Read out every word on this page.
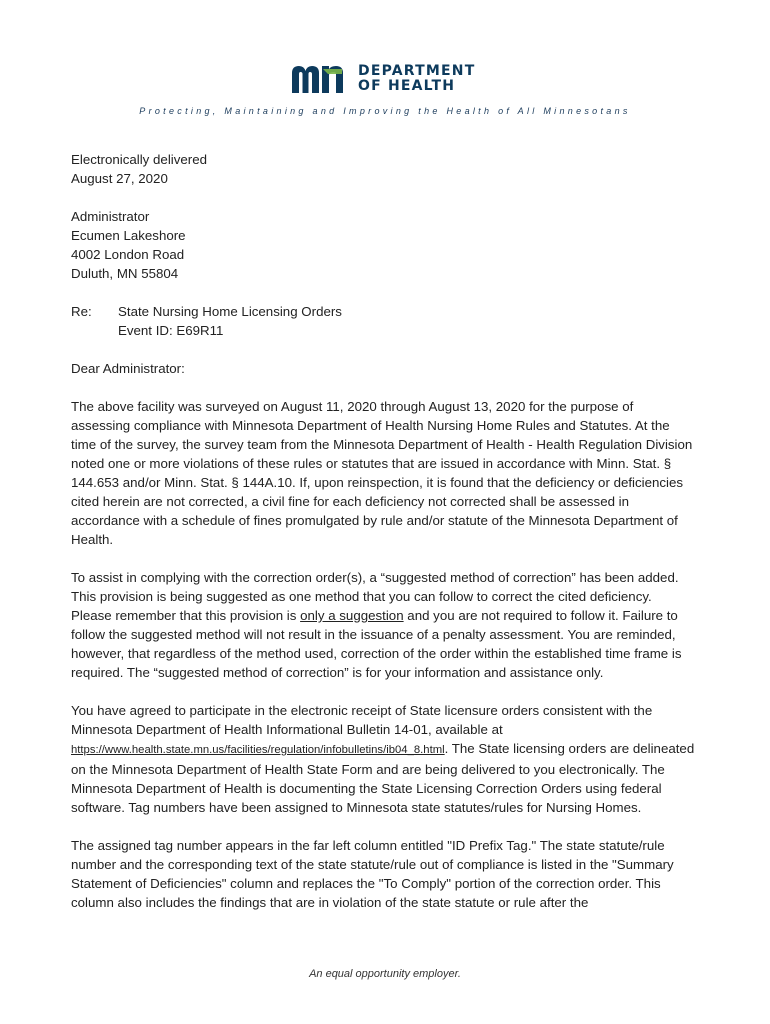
DEPARTMENT
OF HEALTH
Protecting, Maintaining and Improving the Health of All Minnesotans

Electronically delivered

August 27, 2020

Administrator
Ecumen Lakeshore
4002 London Road
Duluth, MN 55804
Re:	State Nursing Home Licensing Orders
Event ID: E69R11

Dear Administrator:

The above facility was surveyed on August 11, 2020 through August 13, 2020 for the purpose of assessing compliance with Minnesota Department of Health Nursing Home Rules and Statutes. At the time of the survey, the survey team from the Minnesota Department of Health - Health Regulation Division noted one or more violations of these rules or statutes that are issued in accordance with Minn. Stat. § 144.653 and/or Minn. Stat. § 144A.10. If, upon reinspection, it is found that the deficiency or deficiencies cited herein are not corrected, a civil fine for each deficiency not corrected shall be assessed in accordance with a schedule of fines promulgated by rule and/or statute of the Minnesota Department of Health.

To assist in complying with the correction order(s), a “suggested method of correction” has been added. This provision is being suggested as one method that you can follow to correct the cited deficiency. Please remember that this provision is only a suggestion and you are not required to follow it. Failure to follow the suggested method will not result in the issuance of a penalty assessment. You are reminded, however, that regardless of the method used, correction of the order within the established time frame is required. The “suggested method of correction” is for your information and assistance only.

You have agreed to participate in the electronic receipt of State licensure orders consistent with the Minnesota Department of Health Informational Bulletin 14-01, available at https://www.health.state.mn.us/facilities/regulation/infobulletins/ib04_8.html. The State licensing orders are delineated on the Minnesota Department of Health State Form and are being delivered to you electronically. The Minnesota Department of Health is documenting the State Licensing Correction Orders using federal software. Tag numbers have been assigned to Minnesota state statutes/rules for Nursing Homes.

The assigned tag number appears in the far left column entitled "ID Prefix Tag." The state statute/rule number and the corresponding text of the state statute/rule out of compliance is listed in the "Summary Statement of Deficiencies" column and replaces the "To Comply" portion of the correction order. This column also includes the findings that are in violation of the state statute or rule after the

An equal opportunity employer.
